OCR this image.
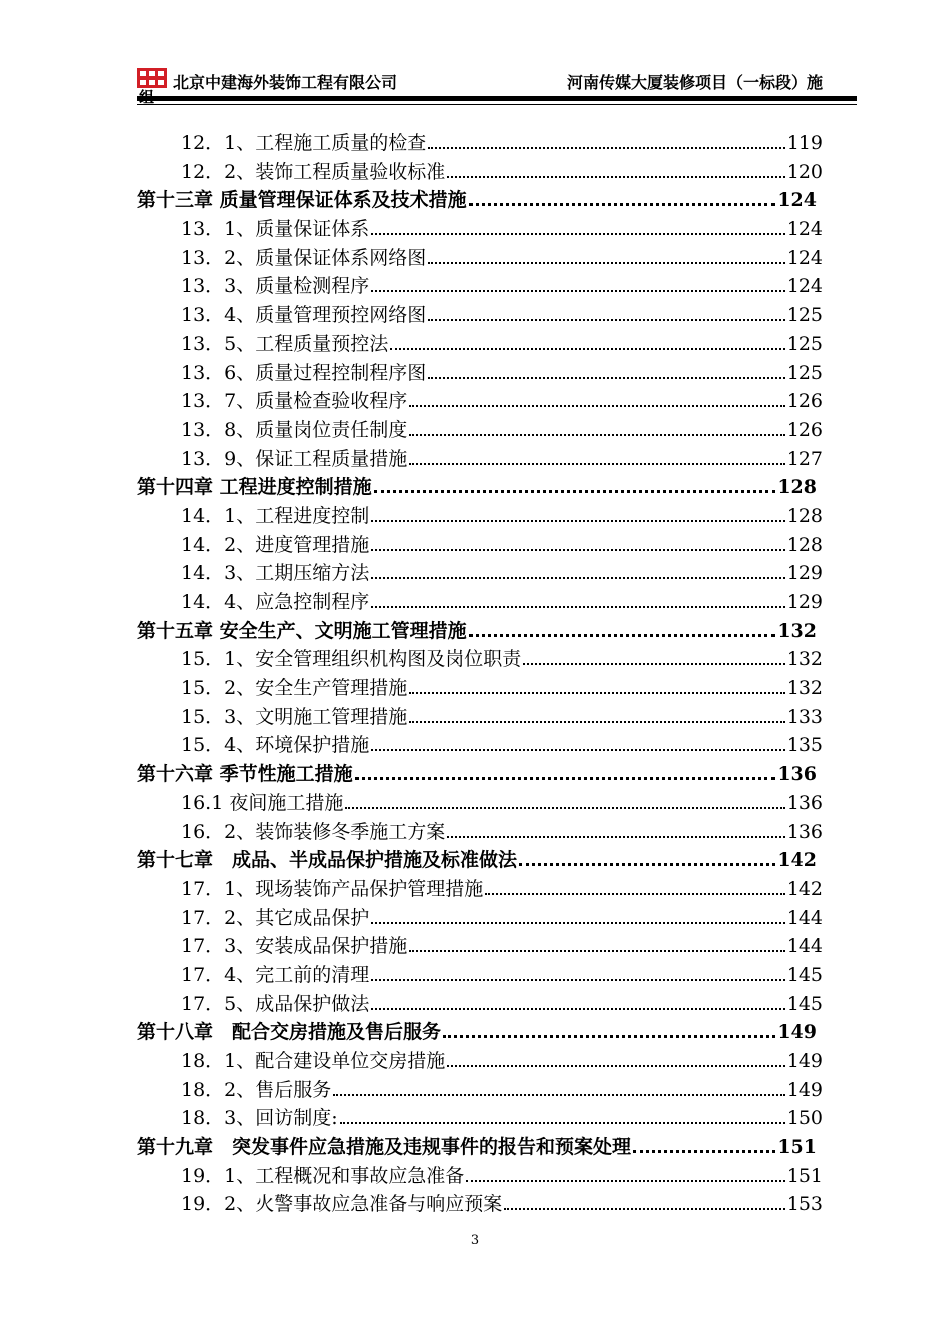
北京中建海外装饰工程有限公司	河南传媒大厦装修项目（一标段）施
12．1、工程施工质量的检查	119
12．2、装饰工程质量验收标准	120
第十三章 质量管理保证体系及技术措施	124
13．1、质量保证体系	124
13．2、质量保证体系网络图	124
13．3、质量检测程序	124
13．4、质量管理预控网络图	125
13．5、工程质量预控法	125
13．6、质量过程控制程序图	125
13．7、质量检查验收程序	126
13．8、质量岗位责任制度	126
13．9、保证工程质量措施	127
第十四章 工程进度控制措施	128
14．1、工程进度控制	128
14．2、进度管理措施	128
14．3、工期压缩方法	129
14．4、应急控制程序	129
第十五章 安全生产、文明施工管理措施	132
15．1、安全管理组织机构图及岗位职责	132
15．2、安全生产管理措施	132
15．3、文明施工管理措施	133
15．4、环境保护措施	135
第十六章 季节性施工措施	136
16.1 夜间施工措施	136
16．2、装饰装修冬季施工方案	136
第十七章　成品、半成品保护措施及标准做法	142
17．1、现场装饰产品保护管理措施	142
17．2、其它成品保护	144
17．3、安装成品保护措施	144
17．4、完工前的清理	145
17．5、成品保护做法	145
第十八章　配合交房措施及售后服务	149
18．1、配合建设单位交房措施	149
18．2、售后服务	149
18．3、回访制度:	150
第十九章　突发事件应急措施及违规事件的报告和预案处理	151
19．1、工程概况和事故应急准备	151
19．2、火警事故应急准备与响应预案	153
3
